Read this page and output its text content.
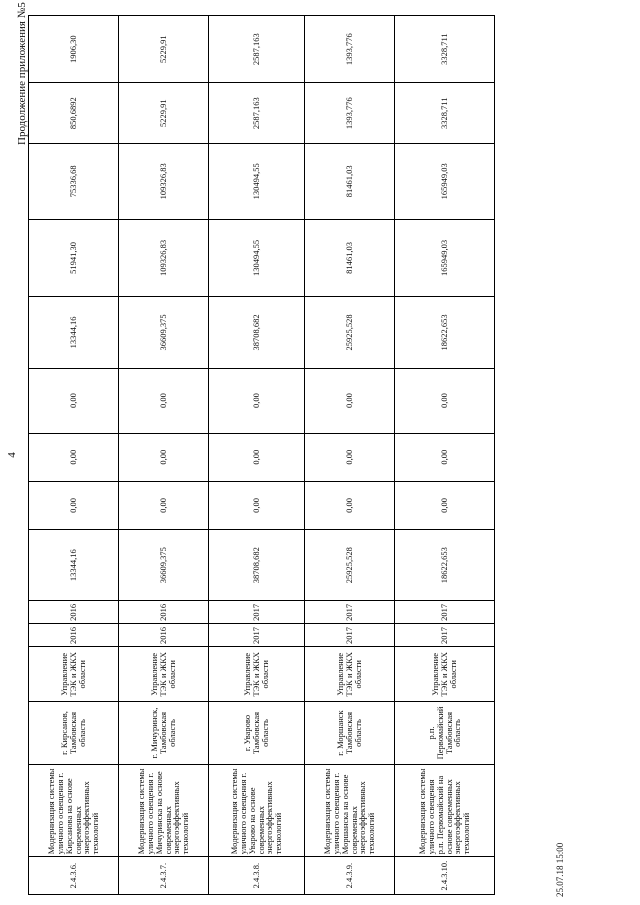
4
Продолжение приложения №5
2.4.3.6.	Модернизация системы уличного освещения г. Кирсанова на основе современных энергоэффективных технологий	г. Кирсанов, Тамбовская область	Управление ТЭК и ЖКХ области	2016	2016	13344,16	0,00	0,00	0,00	13344,16	51941,30	75336,68	850,6892	1906,30
2.4.3.7.	Модернизация системы уличного освещения г. Мичуринска на основе современных энергоэффективных технологий	г. Мичуринск, Тамбовская область	Управление ТЭК и ЖКХ области	2016	2016	36609,375	0,00	0,00	0,00	36609,375	109326,83	109326,83	5229,91	5229,91
2.4.3.8.	Модернизация системы уличного освещения г. Уварово на основе современных энергоэффективных технологий	г. Уварово Тамбовская область	Управление ТЭК и ЖКХ области	2017	2017	38708,682	0,00	0,00	0,00	38708,682	130494,55	130494,55	2587,163	2587,163
2.4.3.9.	Модернизация системы уличного освещения г. Моршанска на основе современных энергоэффективных технологий	г. Моршанск Тамбовская область	Управление ТЭК и ЖКХ области	2017	2017	25925,528	0,00	0,00	0,00	25925,528	81461,03	81461,03	1393,776	1393,776
2.4.3.10.	Модернизация системы уличного освещения р.п. Первомайский на основе современных энергоэффективных технологий	р.п. Первомайский Тамбовская область	Управление ТЭК и ЖКХ области	2017	2017	18622,653	0,00	0,00	0,00	18622,653	165949,03	165949,03	3328,711	3328,711
25.07.18 15:00
